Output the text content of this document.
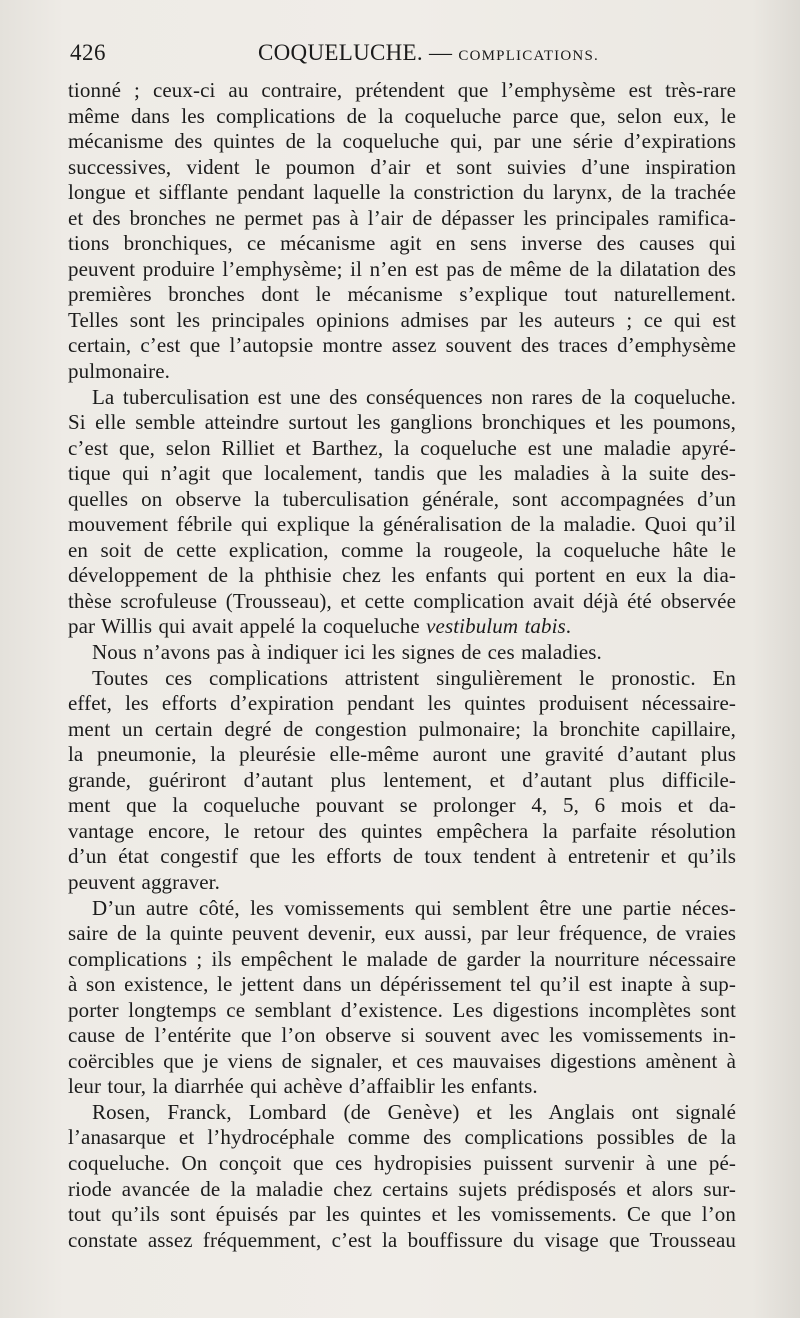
426	COQUELUCHE. — COMPLICATIONS.
tionné ; ceux-ci au contraire, prétendent que l’emphysème est très-rare
même dans les complications de la coqueluche parce que, selon eux, le
mécanisme des quintes de la coqueluche qui, par une série d’expirations
successives, vident le poumon d’air et sont suivies d’une inspiration
longue et sifflante pendant laquelle la constriction du larynx, de la trachée
et des bronches ne permet pas à l’air de dépasser les principales ramifica-
tions bronchiques, ce mécanisme agit en sens inverse des causes qui
peuvent produire l’emphysème; il n’en est pas de même de la dilatation des
premières bronches dont le mécanisme s’explique tout naturellement.
Telles sont les principales opinions admises par les auteurs ; ce qui est
certain, c’est que l’autopsie montre assez souvent des traces d’emphysème
pulmonaire.
La tuberculisation est une des conséquences non rares de la coqueluche.
Si elle semble atteindre surtout les ganglions bronchiques et les poumons,
c’est que, selon Rilliet et Barthez, la coqueluche est une maladie apyré-
tique qui n’agit que localement, tandis que les maladies à la suite des-
quelles on observe la tuberculisation générale, sont accompagnées d’un
mouvement fébrile qui explique la généralisation de la maladie. Quoi qu’il
en soit de cette explication, comme la rougeole, la coqueluche hâte le
développement de la phthisie chez les enfants qui portent en eux la dia-
thèse scrofuleuse (Trousseau), et cette complication avait déjà été observée
par Willis qui avait appelé la coqueluche vestibulum tabis.
Nous n’avons pas à indiquer ici les signes de ces maladies.
Toutes ces complications attristent singulièrement le pronostic. En
effet, les efforts d’expiration pendant les quintes produisent nécessaire-
ment un certain degré de congestion pulmonaire; la bronchite capillaire,
la pneumonie, la pleurésie elle-même auront une gravité d’autant plus
grande, guériront d’autant plus lentement, et d’autant plus difficile-
ment que la coqueluche pouvant se prolonger 4, 5, 6 mois et da-
vantage encore, le retour des quintes empêchera la parfaite résolution
d’un état congestif que les efforts de toux tendent à entretenir et qu’ils
peuvent aggraver.
D’un autre côté, les vomissements qui semblent être une partie néces-
saire de la quinte peuvent devenir, eux aussi, par leur fréquence, de vraies
complications ; ils empêchent le malade de garder la nourriture nécessaire
à son existence, le jettent dans un dépérissement tel qu’il est inapte à sup-
porter longtemps ce semblant d’existence. Les digestions incomplètes sont
cause de l’entérite que l’on observe si souvent avec les vomissements in-
coërcibles que je viens de signaler, et ces mauvaises digestions amènent à
leur tour, la diarrhée qui achève d’affaiblir les enfants.
Rosen, Franck, Lombard (de Genève) et les Anglais ont signalé
l’anasarque et l’hydrocéphale comme des complications possibles de la
coqueluche. On conçoit que ces hydropisies puissent survenir à une pé-
riode avancée de la maladie chez certains sujets prédisposés et alors sur-
tout qu’ils sont épuisés par les quintes et les vomissements. Ce que l’on
constate assez fréquemment, c’est la bouffissure du visage que Trousseau
